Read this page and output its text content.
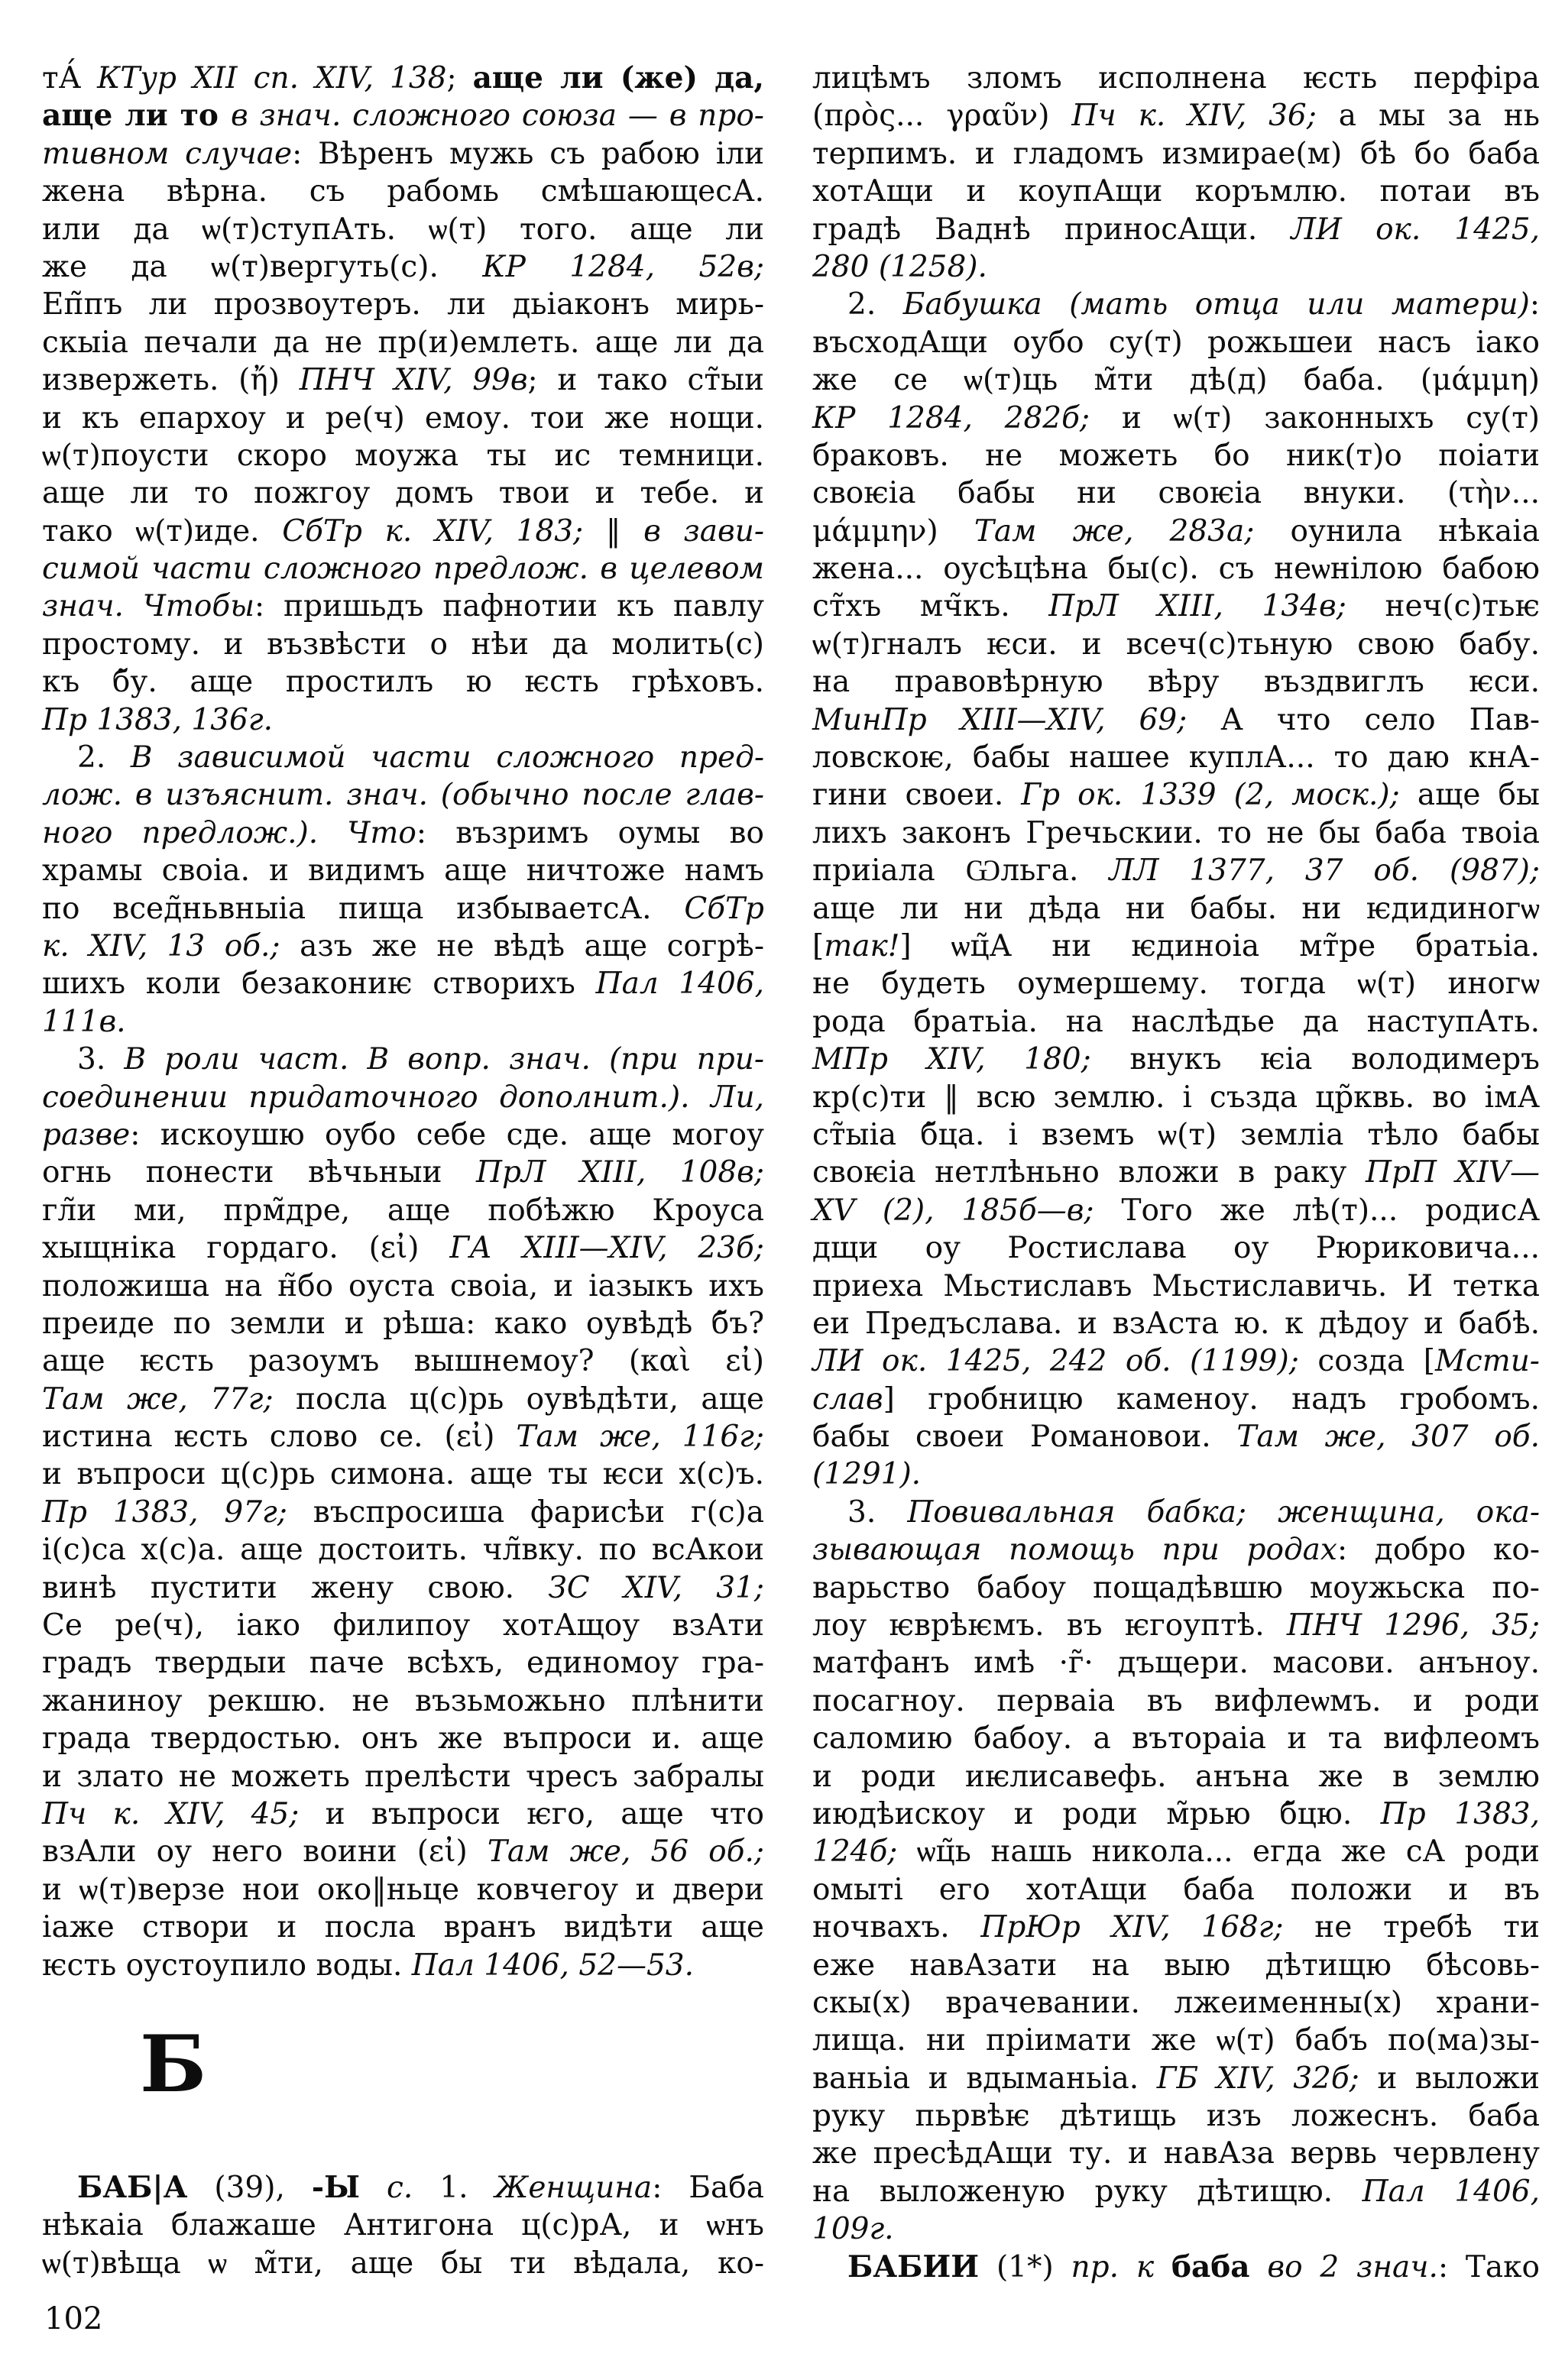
тА́ КТур XII сп. XIV, 138; аще ли (же) да,
аще ли то в знач. сложного союза — в про-
тивном случае: Вѣренъ мужь съ рабою іли
жена вѣрна. съ рабомь смѣшающесА.
или да ѡ(т)ступАть. ѡ(т) того. аще ли
же да ѡ(т)вергуть(с). КР 1284, 52в;
Еп̃пъ ли прозвоутеръ. ли дьіаконъ мирь-
скыіа печали да не пр(и)емлеть. аще ли да
извержеть. (ἤ) ПНЧ XIV, 99в; и тако ст̃ыи
и къ епархоу и ре(ч) емоу. тои же нощи.
ѡ(т)поусти скоро моужа ты ис темници.
аще ли то пожгоу домъ твои и тебе. и
тако ѡ(т)иде. СбТр к. XIV, 183; ‖ в зави-
симой части сложного предлож. в целевом
знач. Чтобы: пришьдъ пафнотии къ павлу
простому. и възвѣсти о нѣи да молить(с)
къ б̃у. аще простилъ ю ѥсть грѣховъ.
Пр 1383, 136г.
2. В зависимой части сложного пред-
лож. в изъяснит. знач. (обычно после глав-
ного предлож.). Что: възримъ оумы во
храмы своіа. и видимъ аще ничтоже намъ
по всед̃ньвныіа пища избываетсА. СбТр
к. XIV, 13 об.; азъ же не вѣдѣ аще согрѣ-
шихъ коли безакониѥ створихъ Пал 1406,
111в.
3. В роли част. В вопр. знач. (при при-
соединении придаточного дополнит.). Ли,
разве: искоушю оубо себе сде. аще могоу
огнь понести вѣчьныи ПрЛ XIII, 108в;
гл̃и ми, прм̃дре, аще побѣжю Кроуса
хыщніка гордаго. (εἰ) ГА XIII—XIV, 23б;
положиша на н̃бо оуста своіа, и іазыкъ ихъ
преиде по земли и рѣша: како оувѣдѣ б̃ъ?
аще ѥсть разоумъ вышнемоу? (καὶ εἰ)
Там же, 77г; посла ц(с)рь оувѣдѣти, аще
истина ѥсть слово се. (εἰ) Там же, 116г;
и въпроси ц(с)рь симона. аще ты ѥси х(с)ъ.
Пр 1383, 97г; въспросиша фарисѣи г(с)а
і(с)са х(с)а. аще достоить. чл̃вку. по всАкои
винѣ пустити жену свою. ЗС XIV, 31;
Се ре(ч), іако филипоу хотАщоу взАти
градъ твердыи паче всѣхъ, единомоу гра-
жаниноу рекшю. не възьможьно плѣнити
града твердостью. онъ же въпроси и. аще
и злато не можеть прелѣсти чресъ забралы
Пч к. XIV, 45; и въпроси ѥго, аще что
взАли оу него воини (εἰ) Там же, 56 об.;
и ѡ(т)верзе нои око‖ньце ковчегоу и двери
іаже створи и посла вранъ видѣти аще
ѥсть оустоупило воды. Пал 1406, 52—53.
Б
БАБ|А (39), -Ы с. 1. Женщина: Баба
нѣкаіа блажаше Антигона ц(с)рА, и ѡнъ
ѡ(т)вѣща ѡ м̃ти, аще бы ти вѣдала, ко-
лицѣмъ зломъ исполнена ѥсть перфіра
(πρὸς... γραῦν) Пч к. XIV, 36; а мы за нь
терпимъ. и гладомъ измирае(м) бѣ бо баба
хотАщи и коупАщи коръмлю. потаи въ
градѣ Ваднѣ приносАщи. ЛИ ок. 1425,
280 (1258).
2. Бабушка (мать отца или матери):
въсходАщи оубо су(т) рожьшеи насъ іако
же се ѡ(т)ць м̃ти дѣ(д) баба. (μάμμη)
КР 1284, 282б; и ѡ(т) законныхъ су(т)
браковъ. не можеть бо ник(т)о поіати
своѥіа бабы ни своѥіа внуки. (τὴν...
μάμμην) Там же, 283а; оунила нѣкаіа
жена... оусѣцѣна бы(с). съ неѡнілою бабою
ст̃хъ мч̃къ. ПрЛ XIII, 134в; неч(с)тьѥ
ѡ(т)гналъ ѥси. и всеч(с)тьную свою бабу.
на правовѣрную вѣру въздвиглъ ѥси.
МинПр XIII—XIV, 69; А что село Пав-
ловскоѥ, бабы нашее куплА... то даю кнА-
гини своеи. Гр ок. 1339 (2, моск.); аще бы
лихъ законъ Гречьскии. то не бы баба твоіа
приіала Ѡльга. ЛЛ 1377, 37 об. (987);
аще ли ни дѣда ни бабы. ни ѥдидиногѡ
[так!] ѡц̃А ни ѥдиноіа мт̃ре братьіа.
не будеть оумершему. тогда ѡ(т) иногѡ
рода братьіа. на наслѣдье да наступАть.
МПр XIV, 180; внукъ ѥіа володимеръ
кр(с)ти ‖ всю землю. і създа цр̃квь. во імА
ст̃ыіа б̃ца. і вземъ ѡ(т) земліа тѣло бабы
своѥіа нетлѣньно вложи в раку ПрП XIV—
XV (2), 185б—в; Того же лѣ(т)... родисА
дщи оу Ростислава оу Рюриковича...
приеха Мьстиславъ Мьстиславичь. И тетка
еи Предъслава. и взАста ю. к дѣдоу и бабѣ.
ЛИ ок. 1425, 242 об. (1199); созда [Мсти-
слав] гробницю каменоу. надъ гробомъ.
бабы своеи Романовои. Там же, 307 об.
(1291).
3. Повивальная бабка; женщина, ока-
зывающая помощь при родах: добро ко-
варьство бабоу пощадѣвшю моужьска по-
лоу ѥврѣѥмъ. въ ѥгоуптѣ. ПНЧ 1296, 35;
матфанъ имѣ ·г̃· дъщери. масови. анъноу.
посагноу. перваіа въ вифлеѡмъ. и роди
саломию бабоу. а вътораіа и та вифлеомъ
и роди иѥлисавефь. анъна же в землю
июдѣискоу и роди м̃рью б̃цю. Пр 1383,
124б; ѡц̃ь нашь никола... егда же сА роди
омыті его хотАщи баба положи и въ
ночвахъ. ПрЮр XIV, 168г; не требѣ ти
еже навАзати на выю дѣтищю бѣсовь-
скы(х) врачевании. лжеименны(х) храни-
лища. ни пріимати же ѡ(т) бабъ по(ма)зы-
ваньіа и вдыманьіа. ГБ XIV, 32б; и выложи
руку пьрвѣѥ дѣтищь изъ ложеснъ. баба
же пресѣдАщи ту. и навАза вервь червлену
на выложеную руку дѣтищю. Пал 1406,
109г.
БАБИИ (1*) пр. к баба во 2 знач.: Тако
102
